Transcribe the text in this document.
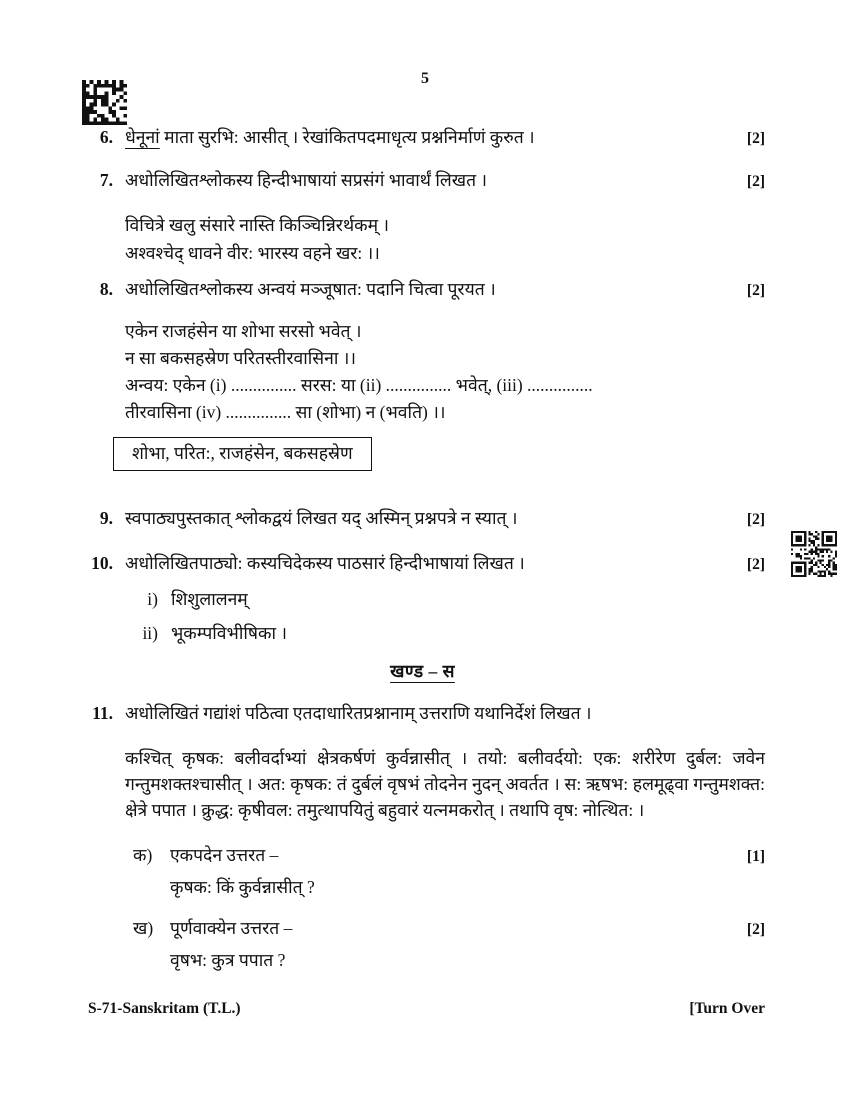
5
6. धेनूनां माता सुरभि: आसीत् । रेखांकितपदमाधृत्य प्रश्ननिर्माणं कुरुत ।	[2]
7. अधोलिखितश्लोकस्य हिन्दीभाषायां सप्रसंगं भावार्थं लिखत ।	[2]
विचित्रे खलु संसारे नास्ति किञ्चिन्निरर्थकम् ।
अश्वश्चेद् धावने वीर: भारस्य वहने खर: ।।
8. अधोलिखितश्लोकस्य अन्वयं मञ्जूषात: पदानि चित्वा पूरयत ।	[2]
एकेन राजहंसेन या शोभा सरसो भवेत् ।
न सा बकसहस्रेण परितस्तीरवासिना ।।
अन्वय: एकेन (i) ............... सरस: या (ii) ............... भवेत्, (iii) ...............
तीरवासिना (iv) ............... सा (शोभा) न (भवति) ।।
शोभा, परित:, राजहंसेन, बकसहस्रेण
9. स्वपाठ्यपुस्तकात् श्लोकद्वयं लिखत यद् अस्मिन् प्रश्नपत्रे न स्यात् ।	[2]
10. अधोलिखितपाठ्यो: कस्यचिदेकस्य पाठसारं हिन्दीभाषायां लिखत ।	[2]
i) शिशुलालनम्
ii) भूकम्पविभीषिका ।
खण्ड – स
11. अधोलिखितं गद्यांशं पठित्वा एतदाधारितप्रश्नानाम् उत्तराणि यथानिर्देशं लिखत ।

कश्चित् कृषक: बलीवर्दाभ्यां क्षेत्रकर्षणं कुर्वन्नासीत् । तयो: बलीवर्दयो: एक: शरीरेण दुर्बल: जवेन गन्तुमशक्तश्चासीत् । अत: कृषक: तं दुर्बलं वृषभं तोदनेन नुदन् अवर्तत । स: ऋषभ: हलमूढ्वा गन्तुमशक्त: क्षेत्रे पपात । क्रुद्ध: कृषीवल: तमुत्थापयितुं बहुवारं यत्नमकरोत् । तथापि वृष: नोत्थित: ।

क)	एकपदेन उत्तरत –	[1]
कृषक: किं कुर्वन्नासीत् ?
ख) पूर्णवाक्येन उत्तरत –	[2]
वृषभ: कुत्र पपात ?
S-71-Sanskritam (T.L.)	[Turn Over
